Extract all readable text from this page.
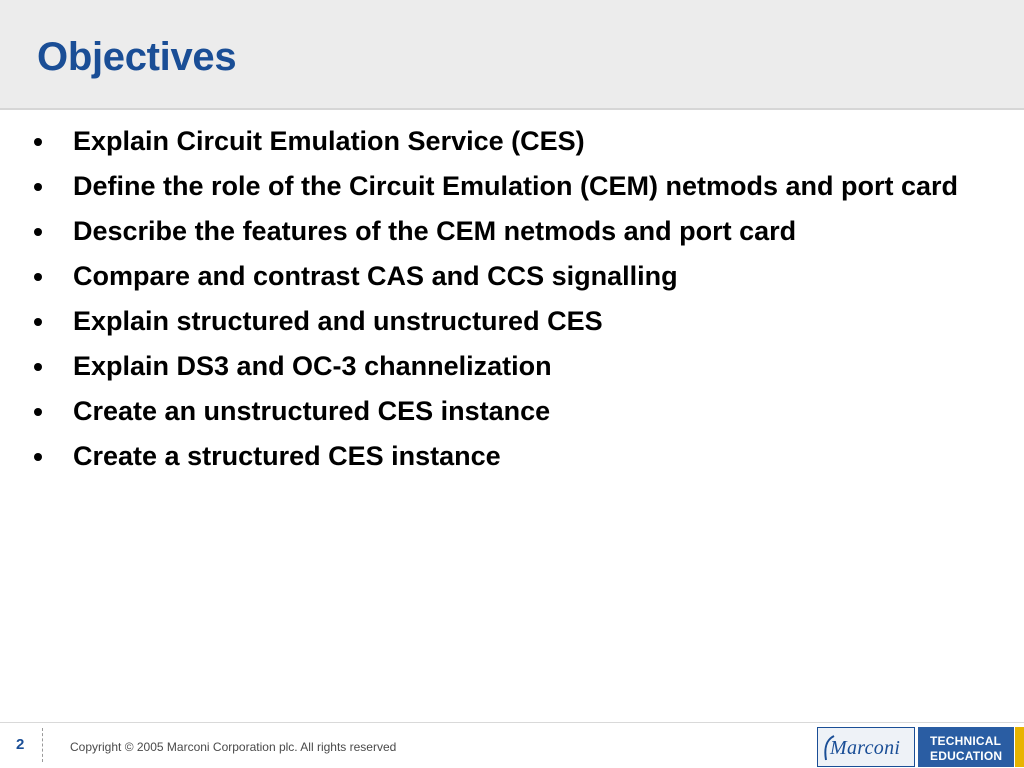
Objectives
Explain Circuit Emulation Service (CES)
Define the role of the Circuit Emulation (CEM) netmods and port card
Describe the features of the CEM netmods and port card
Compare and contrast CAS and CCS signalling
Explain structured and unstructured CES
Explain DS3 and OC-3 channelization
Create an unstructured CES instance
Create a structured CES instance
2	Copyright © 2005 Marconi Corporation plc. All rights reserved	Marconi TECHNICAL
EDUCATION
